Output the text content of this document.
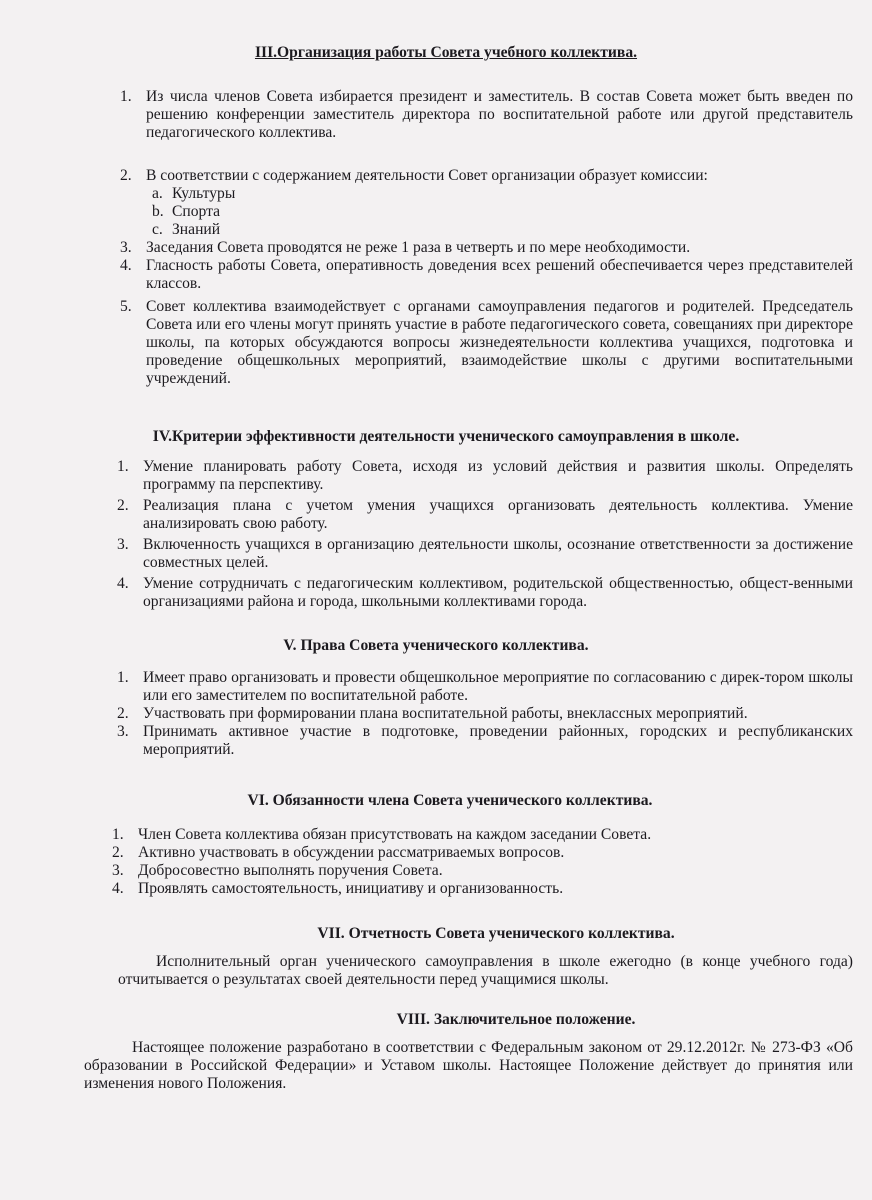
III.Организация работы Совета учебного коллектива.
1. Из числа членов Совета избирается президент и заместитель. В состав Совета может быть введен по решению конференции заместитель директора по воспитательной работе или другой представитель педагогического коллектива.
2. В соответствии с содержанием деятельности Совет организации образует комиссии:
a. Культуры
b. Спорта
c. Знаний
3. Заседания Совета проводятся не реже 1 раза в четверть и по мере необходимости.
4. Гласность работы Совета, оперативность доведения всех решений обеспечивается через представителей классов.
5. Совет коллектива взаимодействует с органами самоуправления педагогов и родителей. Председатель Совета или его члены могут принять участие в работе педагогического совета, совещаниях при директоре школы, па которых обсуждаются вопросы жизнедеятельности коллектива учащихся, подготовка и проведение общешкольных мероприятий, взаимодействие школы с другими воспитательными учреждений.
IV.Критерии эффективности деятельности ученического самоуправления в школе.
1. Умение планировать работу Совета, исходя из условий действия и развития школы. Определять программу па перспективу.
2. Реализация плана с учетом умения учащихся организовать деятельность коллектива. Умение анализировать свою работу.
3. Включенность учащихся в организацию деятельности школы, осознание ответственности за достижение совместных целей.
4. Умение сотрудничать с педагогическим коллективом, родительской общественностью, общест-венными организациями района и города, школьными коллективами города.
V. Права Совета ученического коллектива.
1. Имеет право организовать и провести общешкольное мероприятие по согласованию с дирек-тором школы или его заместителем по воспитательной работе.
2. Участвовать при формировании плана воспитательной работы, внеклассных мероприятий.
3. Принимать активное участие в подготовке, проведении районных, городских и республиканских мероприятий.
VI. Обязанности члена Совета ученического коллектива.
1. Член Совета коллектива обязан присутствовать на каждом заседании Совета.
2. Активно участвовать в обсуждении рассматриваемых вопросов.
3. Добросовестно выполнять поручения Совета.
4. Проявлять самостоятельность, инициативу и организованность.
VII. Отчетность Совета ученического коллектива.

Исполнительный орган ученического самоуправления в школе ежегодно (в конце учебного года) отчитывается о результатах своей деятельности перед учащимися школы.

VIII. Заключительное положение.

Настоящее положение разработано в соответствии с Федеральным законом от 29.12.2012г. № 273-ФЗ «Об образовании в Российской Федерации» и Уставом школы. Настоящее Положение действует до принятия или изменения нового Положения.
